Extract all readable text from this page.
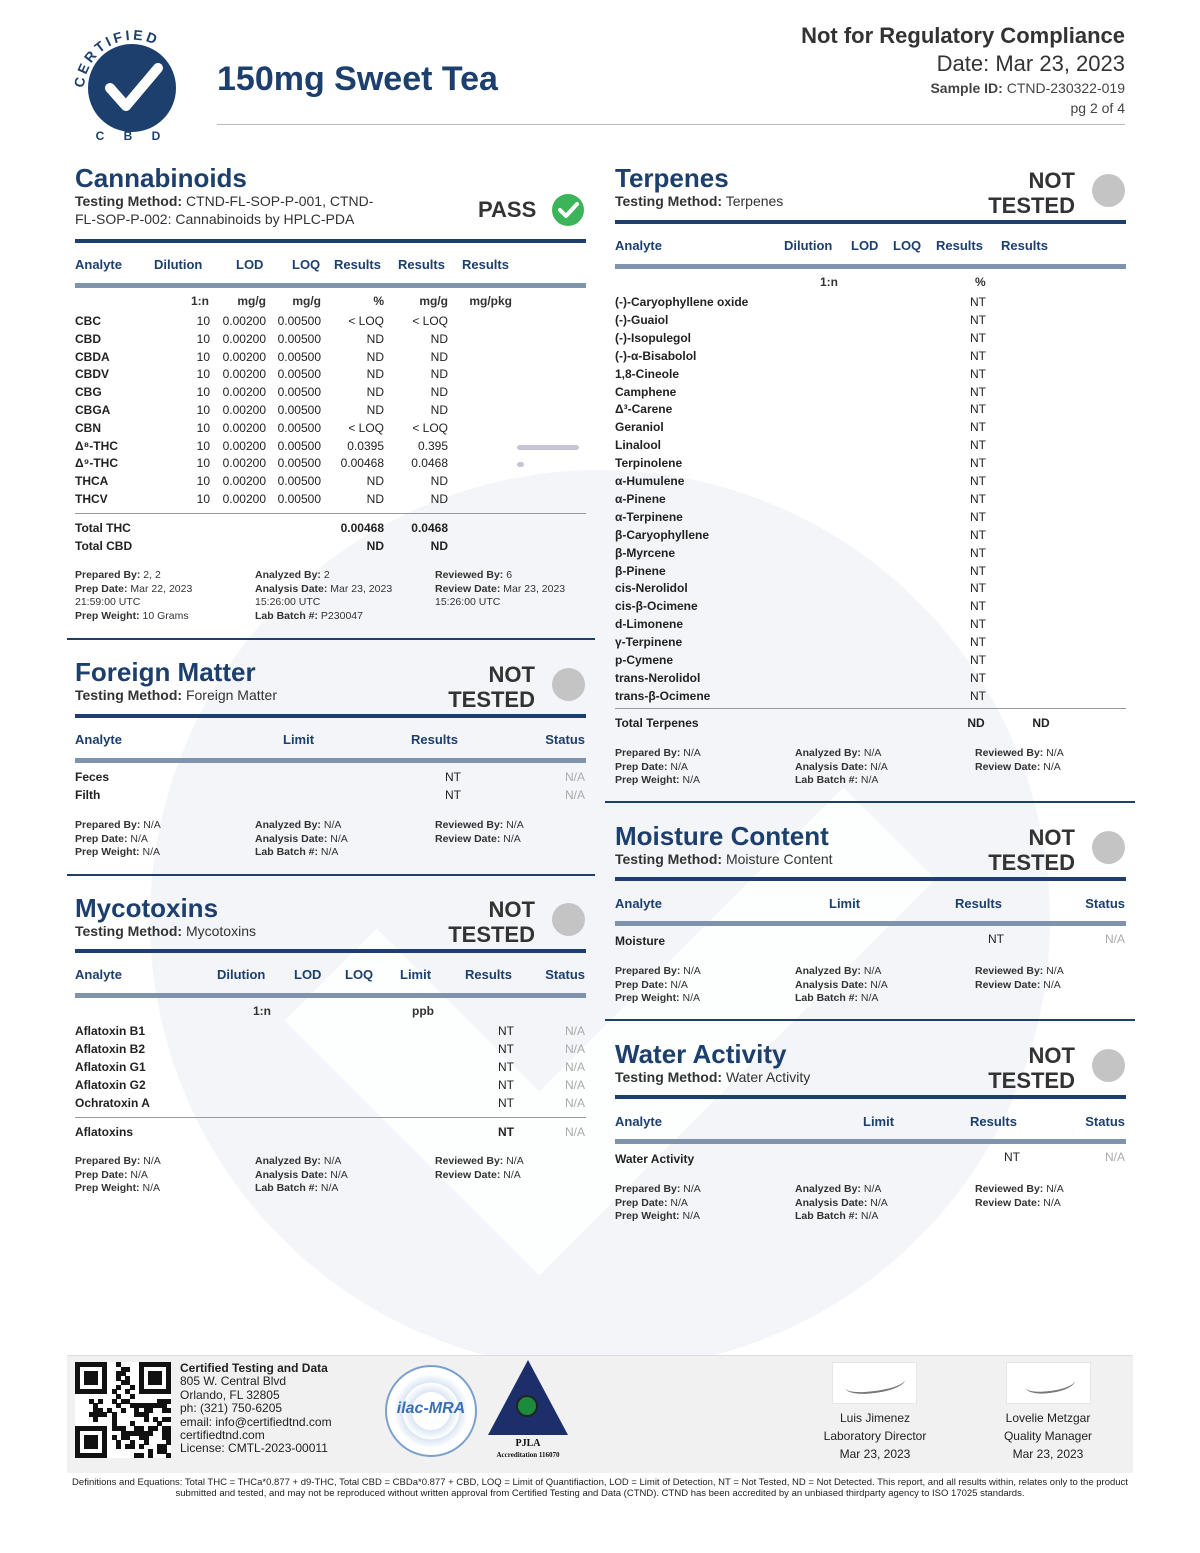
CERTIFIED
C B D
150mg Sweet Tea
Not for Regulatory Compliance
Date: Mar 23, 2023
Sample ID: CTND-230322-019
pg 2 of 4
Cannabinoids
Testing Method: CTND-FL-SOP-P-001, CTND-
FL-SOP-P-002: Cannabinoids by HPLC-PDA	PASS
Analyte Dilution	LOD LOQ Results Results Results
1:n	mg/g	mg/g	%	mg/g	mg/pkg
CBC	10	0.00200 0.00500	< LOQ	< LOQ
CBD	10	0.00200 0.00500	ND	ND
CBDA	10	0.00200 0.00500	ND	ND
CBDV	10	0.00200 0.00500	ND	ND
CBG	10	0.00200 0.00500	ND	ND
CBGA	10	0.00200 0.00500	ND	ND
CBN	10	0.00200 0.00500	< LOQ	< LOQ
Δ⁸-THC	10	0.00200 0.00500	0.0395	0.395
Δ⁹-THC	10	0.00200 0.00500	0.00468	0.0468
THCA	10	0.00200 0.00500	ND	ND
THCV	10	0.00200 0.00500	ND	ND
Total THC	0.00468	0.0468
Total CBD	ND	ND
Prepared By: 2, 2
Prep Date: Mar 22, 2023
21:59:00 UTC
Prep Weight: 10 Grams
Analyzed By: 2
Analysis Date: Mar 23, 2023
15:26:00 UTC
Lab Batch #: P230047
Reviewed By: 6
Review Date: Mar 23, 2023
15:26:00 UTC
Foreign Matter
Testing Method: Foreign Matter
NOT
TESTED
Analyte	Limit	Results	Status
Feces	NT	N/A
Filth	NT	N/A
Prepared By: N/A
Prep Date: N/A
Prep Weight: N/A
Analyzed By: N/A
Analysis Date: N/A
Lab Batch #: N/A
Reviewed By: N/A
Review Date: N/A
Mycotoxins
Testing Method: Mycotoxins
NOT
TESTED
Analyte	Dilution LOD LOQ Limit	Results	Status
1:n	ppb
Aflatoxin B1	NT	N/A
Aflatoxin B2	NT	N/A
Aflatoxin G1	NT	N/A
Aflatoxin G2	NT	N/A
Ochratoxin A	NT	N/A
Aflatoxins	NT	N/A
Prepared By: N/A
Prep Date: N/A
Prep Weight: N/A
Analyzed By: N/A
Analysis Date: N/A
Lab Batch #: N/A
Reviewed By: N/A
Review Date: N/A
Terpenes
Testing Method: Terpenes
NOT
TESTED
Analyte	Dilution LOD LOQ Results Results
1:n	%
(-)-Caryophyllene oxide	NT
(-)-Guaiol	NT
(-)-Isopulegol	NT
(-)-α-Bisabolol	NT
1,8-Cineole	NT
Camphene	NT
Δ³-Carene	NT
Geraniol	NT
Linalool	NT
Terpinolene	NT
α-Humulene	NT
α-Pinene	NT
α-Terpinene	NT
β-Caryophyllene	NT
β-Myrcene	NT
β-Pinene	NT
cis-Nerolidol	NT
cis-β-Ocimene	NT
d-Limonene	NT
γ-Terpinene	NT
p-Cymene	NT
trans-Nerolidol	NT
trans-β-Ocimene	NT
Total Terpenes	ND	ND
Prepared By: N/A
Prep Date: N/A
Prep Weight: N/A
Analyzed By: N/A
Analysis Date: N/A
Lab Batch #: N/A
Reviewed By: N/A
Review Date: N/A
Moisture Content
Testing Method: Moisture Content
NOT
TESTED
Analyte	Limit	Results	Status
Moisture	NT	N/A
Prepared By: N/A
Prep Date: N/A
Prep Weight: N/A
Analyzed By: N/A
Analysis Date: N/A
Lab Batch #: N/A
Reviewed By: N/A
Review Date: N/A
Water Activity
Testing Method: Water Activity
NOT
TESTED
Analyte	Limit	Results	Status
Water Activity	NT	N/A
Prepared By: N/A
Prep Date: N/A
Prep Weight: N/A
Analyzed By: N/A
Analysis Date: N/A
Lab Batch #: N/A
Reviewed By: N/A
Review Date: N/A
Certified Testing and Data
805 W. Central Blvd
Orlando, FL 32805
ph: (321) 750-6205
email: info@certifiedtnd.com
certifiedtnd.com
License: CMTL-2023-00011
ilac-MRA
PJLA
Accreditation 116070
Luis Jimenez
Laboratory Director
Mar 23, 2023
Lovelie Metzgar
Quality Manager
Mar 23, 2023
Definitions and Equations: Total THC = THCa*0.877 + d9-THC, Total CBD = CBDa*0.877 + CBD, LOQ = Limit of Quantifiaction, LOD = Limit of Detection, NT = Not Tested, ND = Not Detected. This report, and all results within, relates only to the product submitted and tested, and may not be reproduced without written approval from Certified Testing and Data (CTND). CTND has been accredited by an unbiased thirdparty agency to ISO 17025 standards.
